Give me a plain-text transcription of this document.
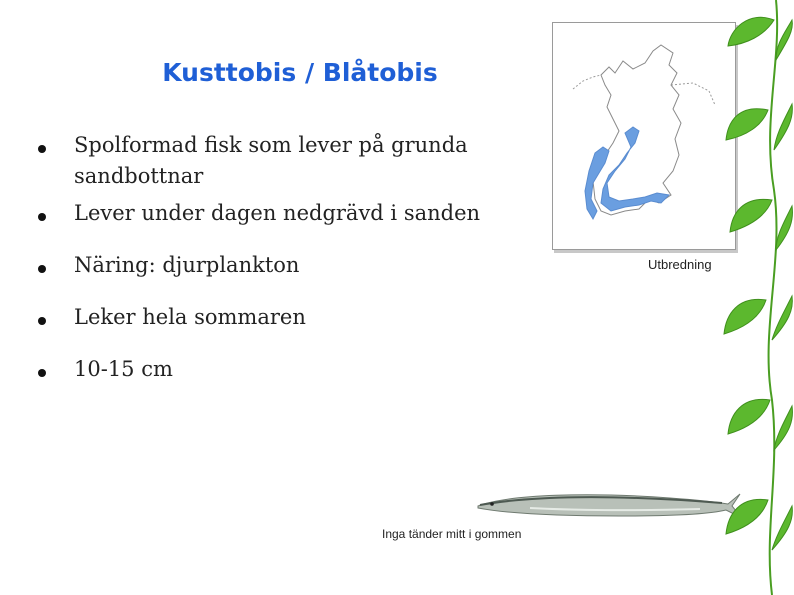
Kusttobis / Blåtobis
Spolformad fisk som lever på grunda sandbottnar
Lever under dagen nedgrävd i sanden
Näring: djurplankton
Leker hela sommaren
10-15 cm
Utbredning
Inga tänder mitt i gommen
